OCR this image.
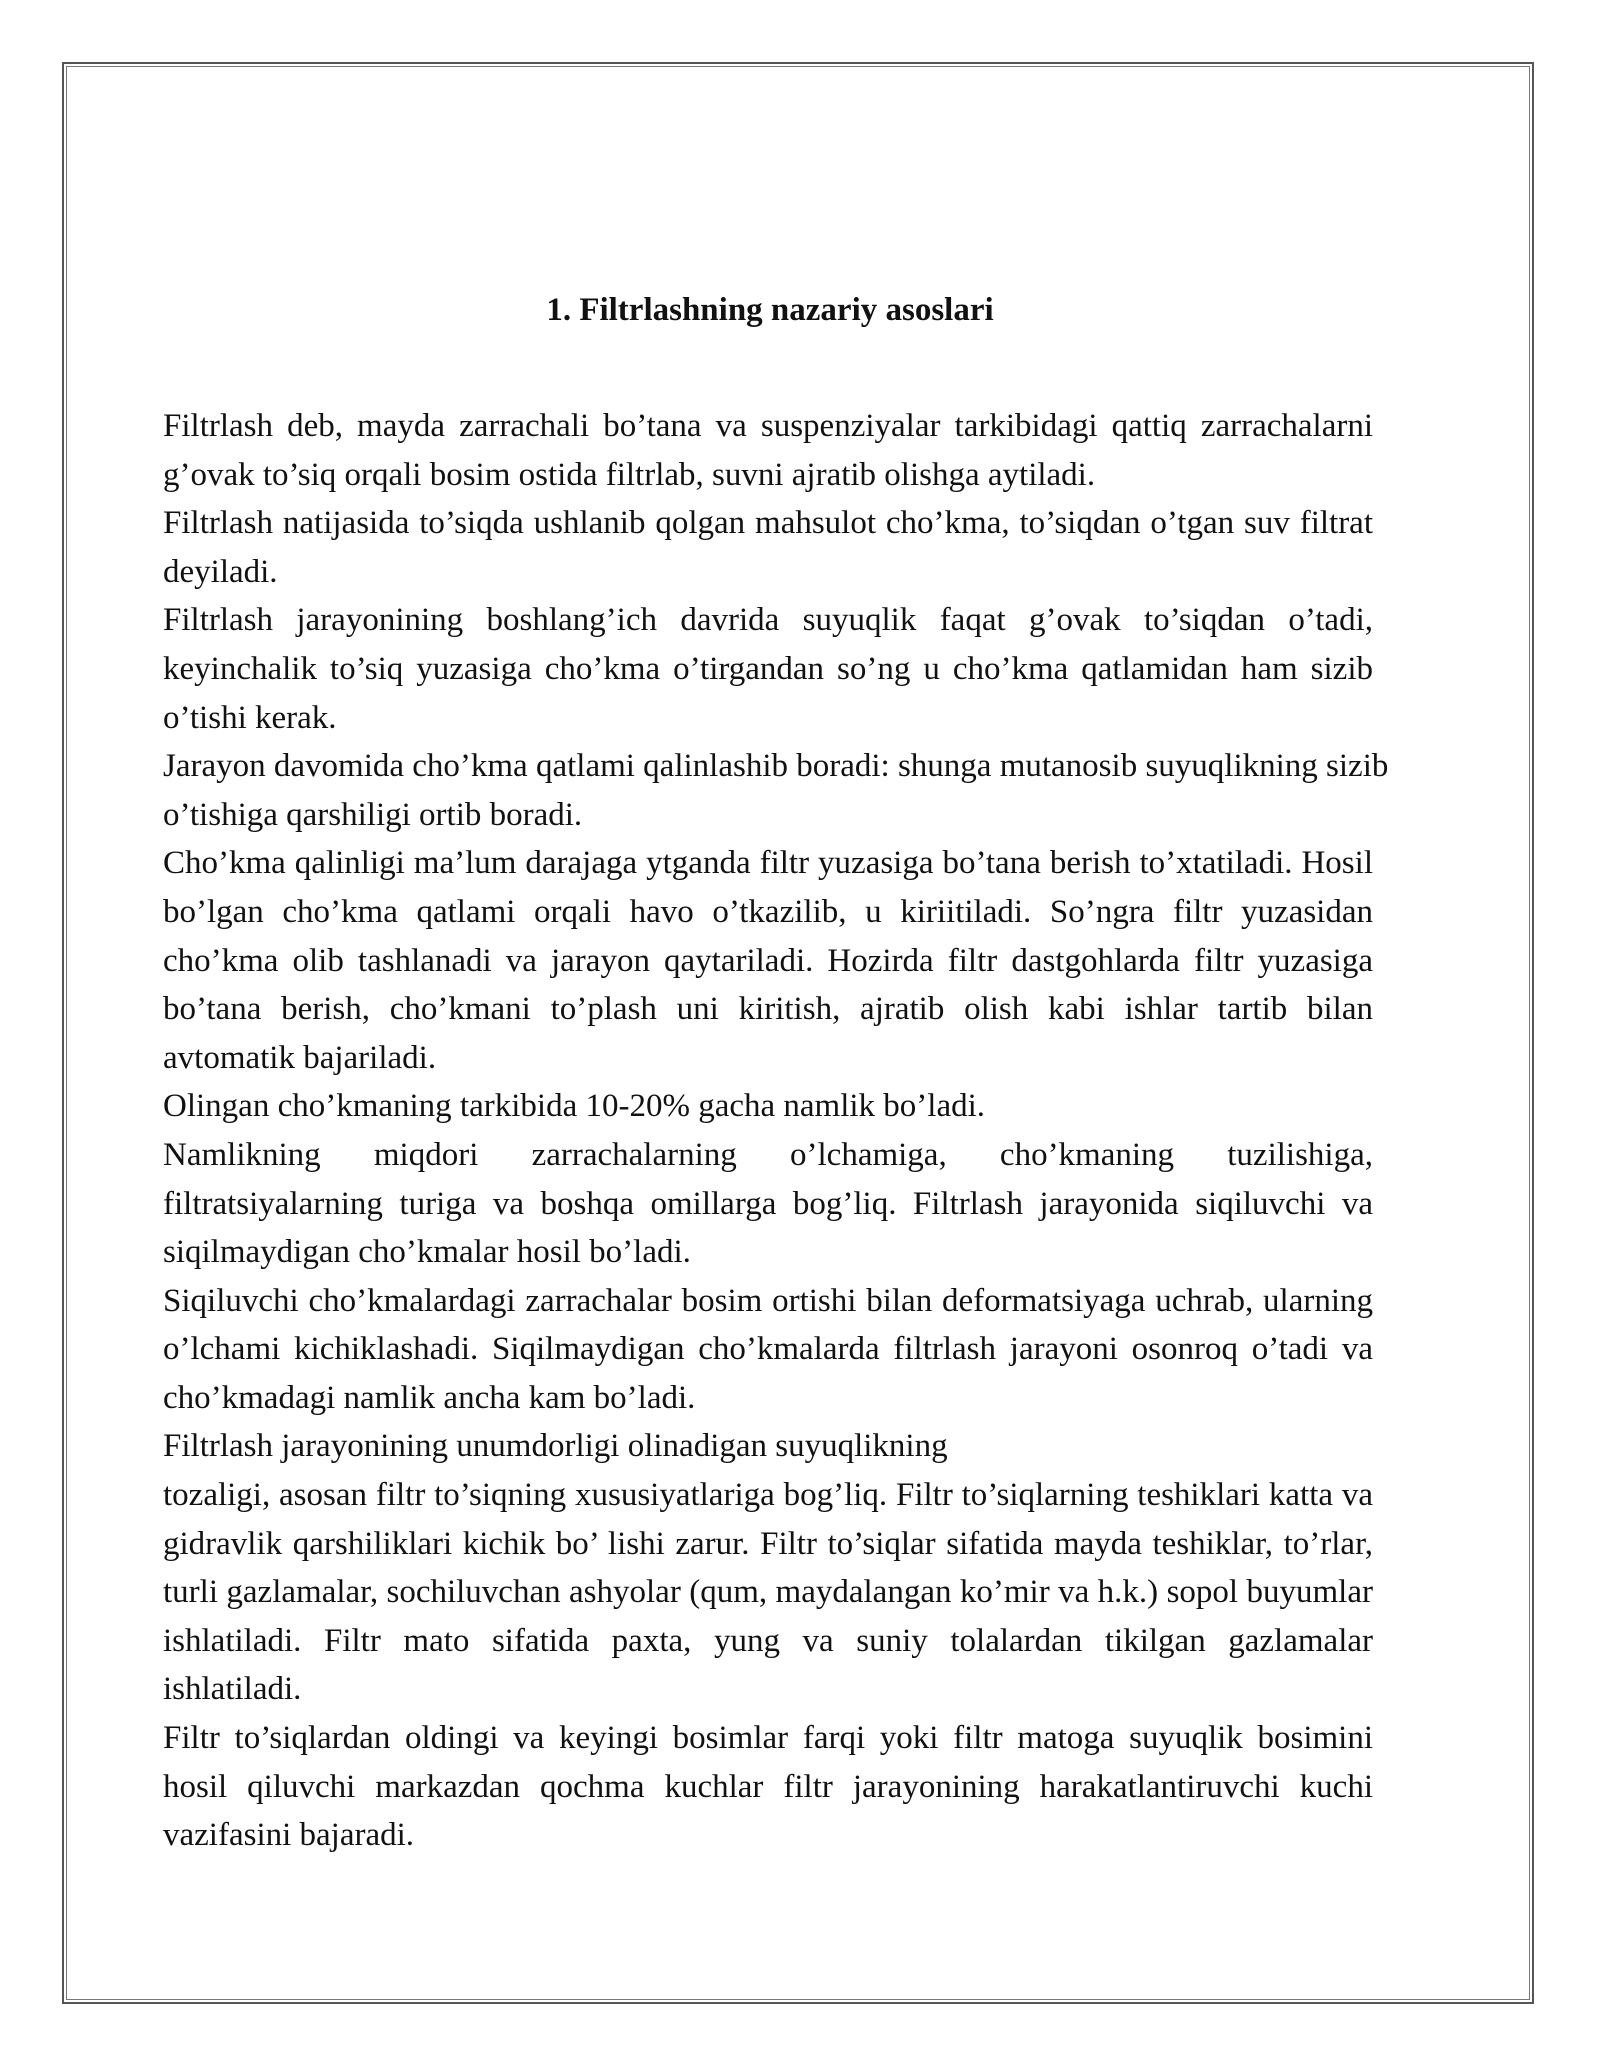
1. Filtrlashning nazariy asoslari

Filtrlash deb, mayda zarrachali bo’tana va suspenziyalar tarkibidagi qattiq zarrachalarni g’ovak to’siq orqali bosim ostida filtrlab, suvni ajratib olishga aytiladi.

Filtrlash natijasida to’siqda ushlanib qolgan mahsulot cho’kma, to’siqdan o’tgan suv filtrat deyiladi.

Filtrlash jarayonining boshlang’ich davrida suyuqlik faqat g’ovak to’siqdan o’tadi, keyinchalik to’siq yuzasiga cho’kma o’tirgandan so’ng u cho’kma qatlamidan ham sizib o’tishi kerak.

Jarayon davomida cho’kma qatlami qalinlashib boradi: shunga mutanosib suyuqlikning sizib o’tishiga qarshiligi ortib boradi.

Cho’kma qalinligi ma’lum darajaga ytganda filtr yuzasiga bo’tana berish to’xtatiladi. Hosil bo’lgan cho’kma qatlami orqali havo o’tkazilib, u kiriitiladi. So’ngra filtr yuzasidan cho’kma olib tashlanadi va jarayon qaytariladi. Hozirda filtr dastgohlarda filtr yuzasiga bo’tana berish, cho’kmani to’plash uni kiritish, ajratib olish kabi ishlar tartib bilan avtomatik bajariladi.

Olingan cho’kmaning tarkibida 10-20% gacha namlik bo’ladi.

Namlikning miqdori zarrachalarning o’lchamiga, cho’kmaning tuzilishiga, filtratsiyalarning turiga va boshqa omillarga bog’liq. Filtrlash jarayonida siqiluvchi va siqilmaydigan cho’kmalar hosil bo’ladi.

Siqiluvchi cho’kmalardagi zarrachalar bosim ortishi bilan deformatsiyaga uchrab, ularning o’lchami kichiklashadi. Siqilmaydigan cho’kmalarda filtrlash jarayoni osonroq o’tadi va cho’kmadagi namlik ancha kam bo’ladi.

Filtrlash jarayonining unumdorligi olinadigan suyuqlikning

tozaligi, asosan filtr to’siqning xususiyatlariga bog’liq. Filtr to’siqlarning teshiklari katta va gidravlik qarshiliklari kichik bo’ lishi zarur. Filtr to’siqlar sifatida mayda teshiklar, to’rlar, turli gazlamalar, sochiluvchan ashyolar (qum, maydalangan ko’mir va h.k.) sopol buyumlar ishlatiladi. Filtr mato sifatida paxta, yung va suniy tolalardan tikilgan gazlamalar ishlatiladi.

Filtr to’siqlardan oldingi va keyingi bosimlar farqi yoki filtr matoga suyuqlik bosimini hosil qiluvchi markazdan qochma kuchlar filtr jarayonining harakatlantiruvchi kuchi vazifasini bajaradi.
